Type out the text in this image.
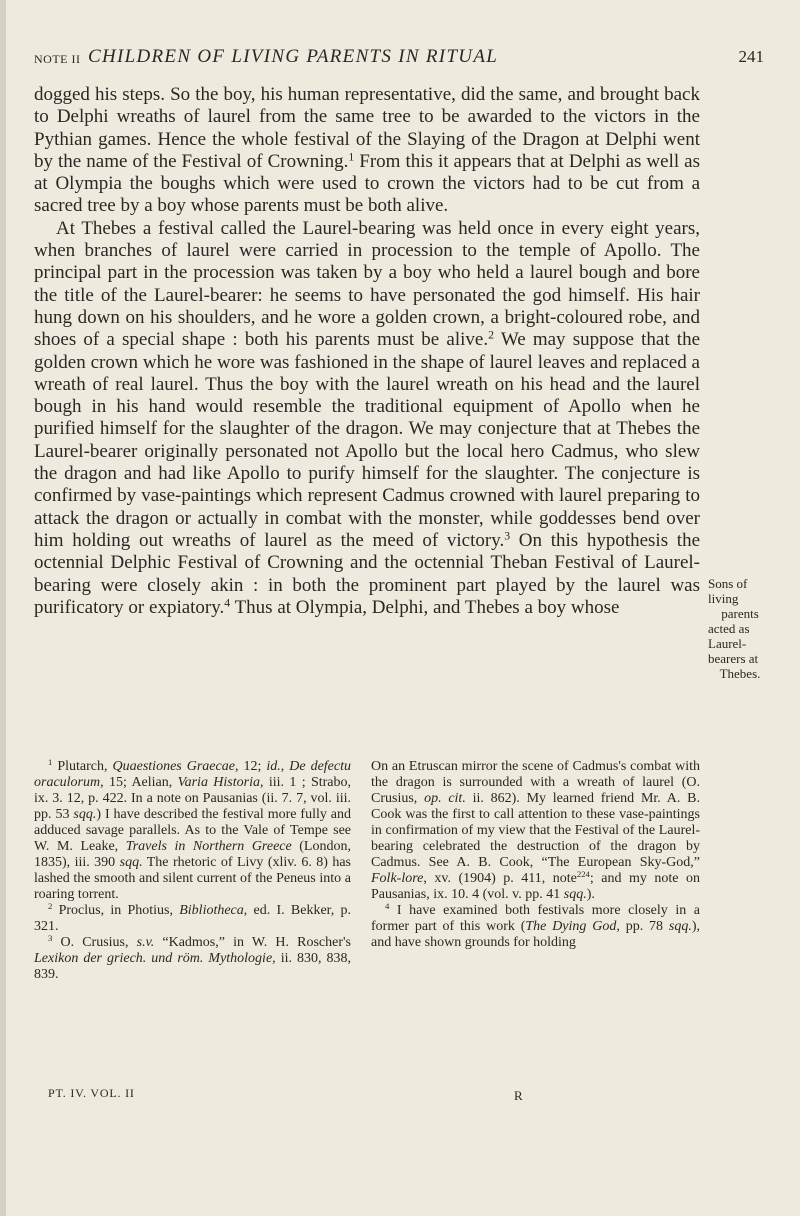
NOTE II CHILDREN OF LIVING PARENTS IN RITUAL	241

dogged his steps. So the boy, his human representative, did the same, and brought back to Delphi wreaths of laurel from the same tree to be awarded to the victors in the Pythian games. Hence the whole festival of the Slaying of the Dragon at Delphi went by the name of the Festival of Crowning.$^1$ From this it appears that at Delphi as well as at Olympia the boughs which were used to crown the victors had to be cut from a sacred tree by a boy whose parents must be both alive.

At Thebes a festival called the Laurel-bearing was held once in every eight years, when branches of laurel were carried in procession to the temple of Apollo. The principal part in the procession was taken by a boy who held a laurel bough and bore the title of the Laurel-bearer: he seems to have personated the god himself. His hair hung down on his shoulders, and he wore a golden crown, a bright-coloured robe, and shoes of a special shape : both his parents must be alive.$^2$ We may suppose that the golden crown which he wore was fashioned in the shape of laurel leaves and replaced a wreath of real laurel. Thus the boy with the laurel wreath on his head and the laurel bough in his hand would resemble the traditional equipment of Apollo when he purified himself for the slaughter of the dragon. We may conjecture that at Thebes the Laurel-bearer originally personated not Apollo but the local hero Cadmus, who slew the dragon and had like Apollo to purify himself for the slaughter. The conjecture is confirmed by vase-paintings which represent Cadmus crowned with laurel preparing to attack the dragon or actually in combat with the monster, while goddesses bend over him holding out wreaths of laurel as the meed of victory.$^3$ On this hypothesis the octennial Delphic Festival of Crowning and the octennial Theban Festival of Laurel-bearing were closely akin : in both the prominent part played by the laurel was purificatory or expiatory.$^4$ Thus at Olympia, Delphi, and Thebes a boy whose

Sons of
living
parents
acted as
Laurel-
bearers at
Thebes.

$^1$ Plutarch, Quaestiones Graecae, 12; id., De defectu oraculorum, 15; Aelian, Varia Historia, iii. 1 ; Strabo, ix. 3. 12, p. 422. In a note on Pausanias (ii. 7. 7, vol. iii. pp. 53 sqq.) I have described the festival more fully and adduced savage parallels. As to the Vale of Tempe see W. M. Leake, Travels in Northern Greece (London, 1835), iii. 390 sqq. The rhetoric of Livy (xliv. 6. 8) has lashed the smooth and silent current of the Peneus into a roaring torrent.

$^2$ Proclus, in Photius, Bibliotheca, ed. I. Bekker, p. 321.

$^3$ O. Crusius, s.v. “Kadmos,” in W. H. Roscher's Lexikon der griech. und röm. Mythologie, ii. 830, 838, 839.

On an Etruscan mirror the scene of Cadmus's combat with the dragon is surrounded with a wreath of laurel (O. Crusius, op. cit. ii. 862). My learned friend Mr. A. B. Cook was the first to call attention to these vase-paintings in confirmation of my view that the Festival of the Laurel-bearing celebrated the destruction of the dragon by Cadmus. See A. B. Cook, “The European Sky-God,” Folk-lore, xv. (1904) p. 411, note$^{224}$; and my note on Pausanias, ix. 10. 4 (vol. v. pp. 41 sqq.).

$^4$ I have examined both festivals more closely in a former part of this work (The Dying God, pp. 78 sqq.), and have shown grounds for holding

PT. IV. VOL. II	R
